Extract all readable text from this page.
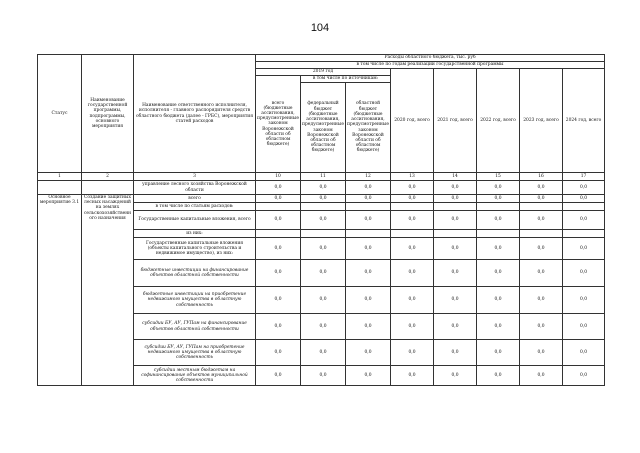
104
Статус	Наименование государственной программы, подпрограммы, основного мероприятия	Наименование ответственного исполнителя, исполнителя - главного распорядителя средств областного бюджета (далее - ГРБС), мероприятия статей расходов	Расходы областного бюджета, тыс. руб							
			в том числе по годам реализации государственной программы							
			2019 год			2020 год, всего	2021 год, всего	2022 год, всего	2023 год, всего	2024 год, всего
			всего (бюджетные ассигнования, предусмотренные законом Воронежской области об областном бюджете)	в том числе по источникам:						
				федеральный бюджет (бюджетные ассигнования, предусмотренные законом Воронежской области об областном бюджете)	областной бюджет (бюджетные ассигнования, предусмотренные законом Воронежской области об областном бюджете)					
1	2	3	10	11	12	13	14	15	16	17
		управление лесного хозяйства Воронежской области	0,0	0,0	0,0	0,0	0,0	0,0	0,0	0,0
Основное мероприятие 3.1	Создание защитных лесных насаждений на землях сельскохозяйственного назначения	всего	0,0	0,0	0,0	0,0	0,0	0,0	0,0	0,0
		в том числе по статьям расходов:								
		Государственные капитальные вложения, всего	0,0	0,0	0,0	0,0	0,0	0,0	0,0	0,0
		из них:								
		Государственные капитальные вложения (объекты капитального строительства и недвижимое имущество), из них:	0,0	0,0	0,0	0,0	0,0	0,0	0,0	0,0
		бюджетные инвестиции на финансирование объектов областной собственности	0,0	0,0	0,0	0,0	0,0	0,0	0,0	0,0
		бюджетные инвестиции на приобретение недвижимого имущества в областную собственность	0,0	0,0	0,0	0,0	0,0	0,0	0,0	0,0
		субсидии БУ, АУ, ГУПам на финансирование объектов областной собственности	0,0	0,0	0,0	0,0	0,0	0,0	0,0	0,0
		субсидии БУ, АУ, ГУПам на приобретение недвижимого имущества в областную собственность	0,0	0,0	0,0	0,0	0,0	0,0	0,0	0,0
		субсидии местным бюджетам на софинансирование объектов муниципальной собственности	0,0	0,0	0,0	0,0	0,0	0,0	0,0	0,0
